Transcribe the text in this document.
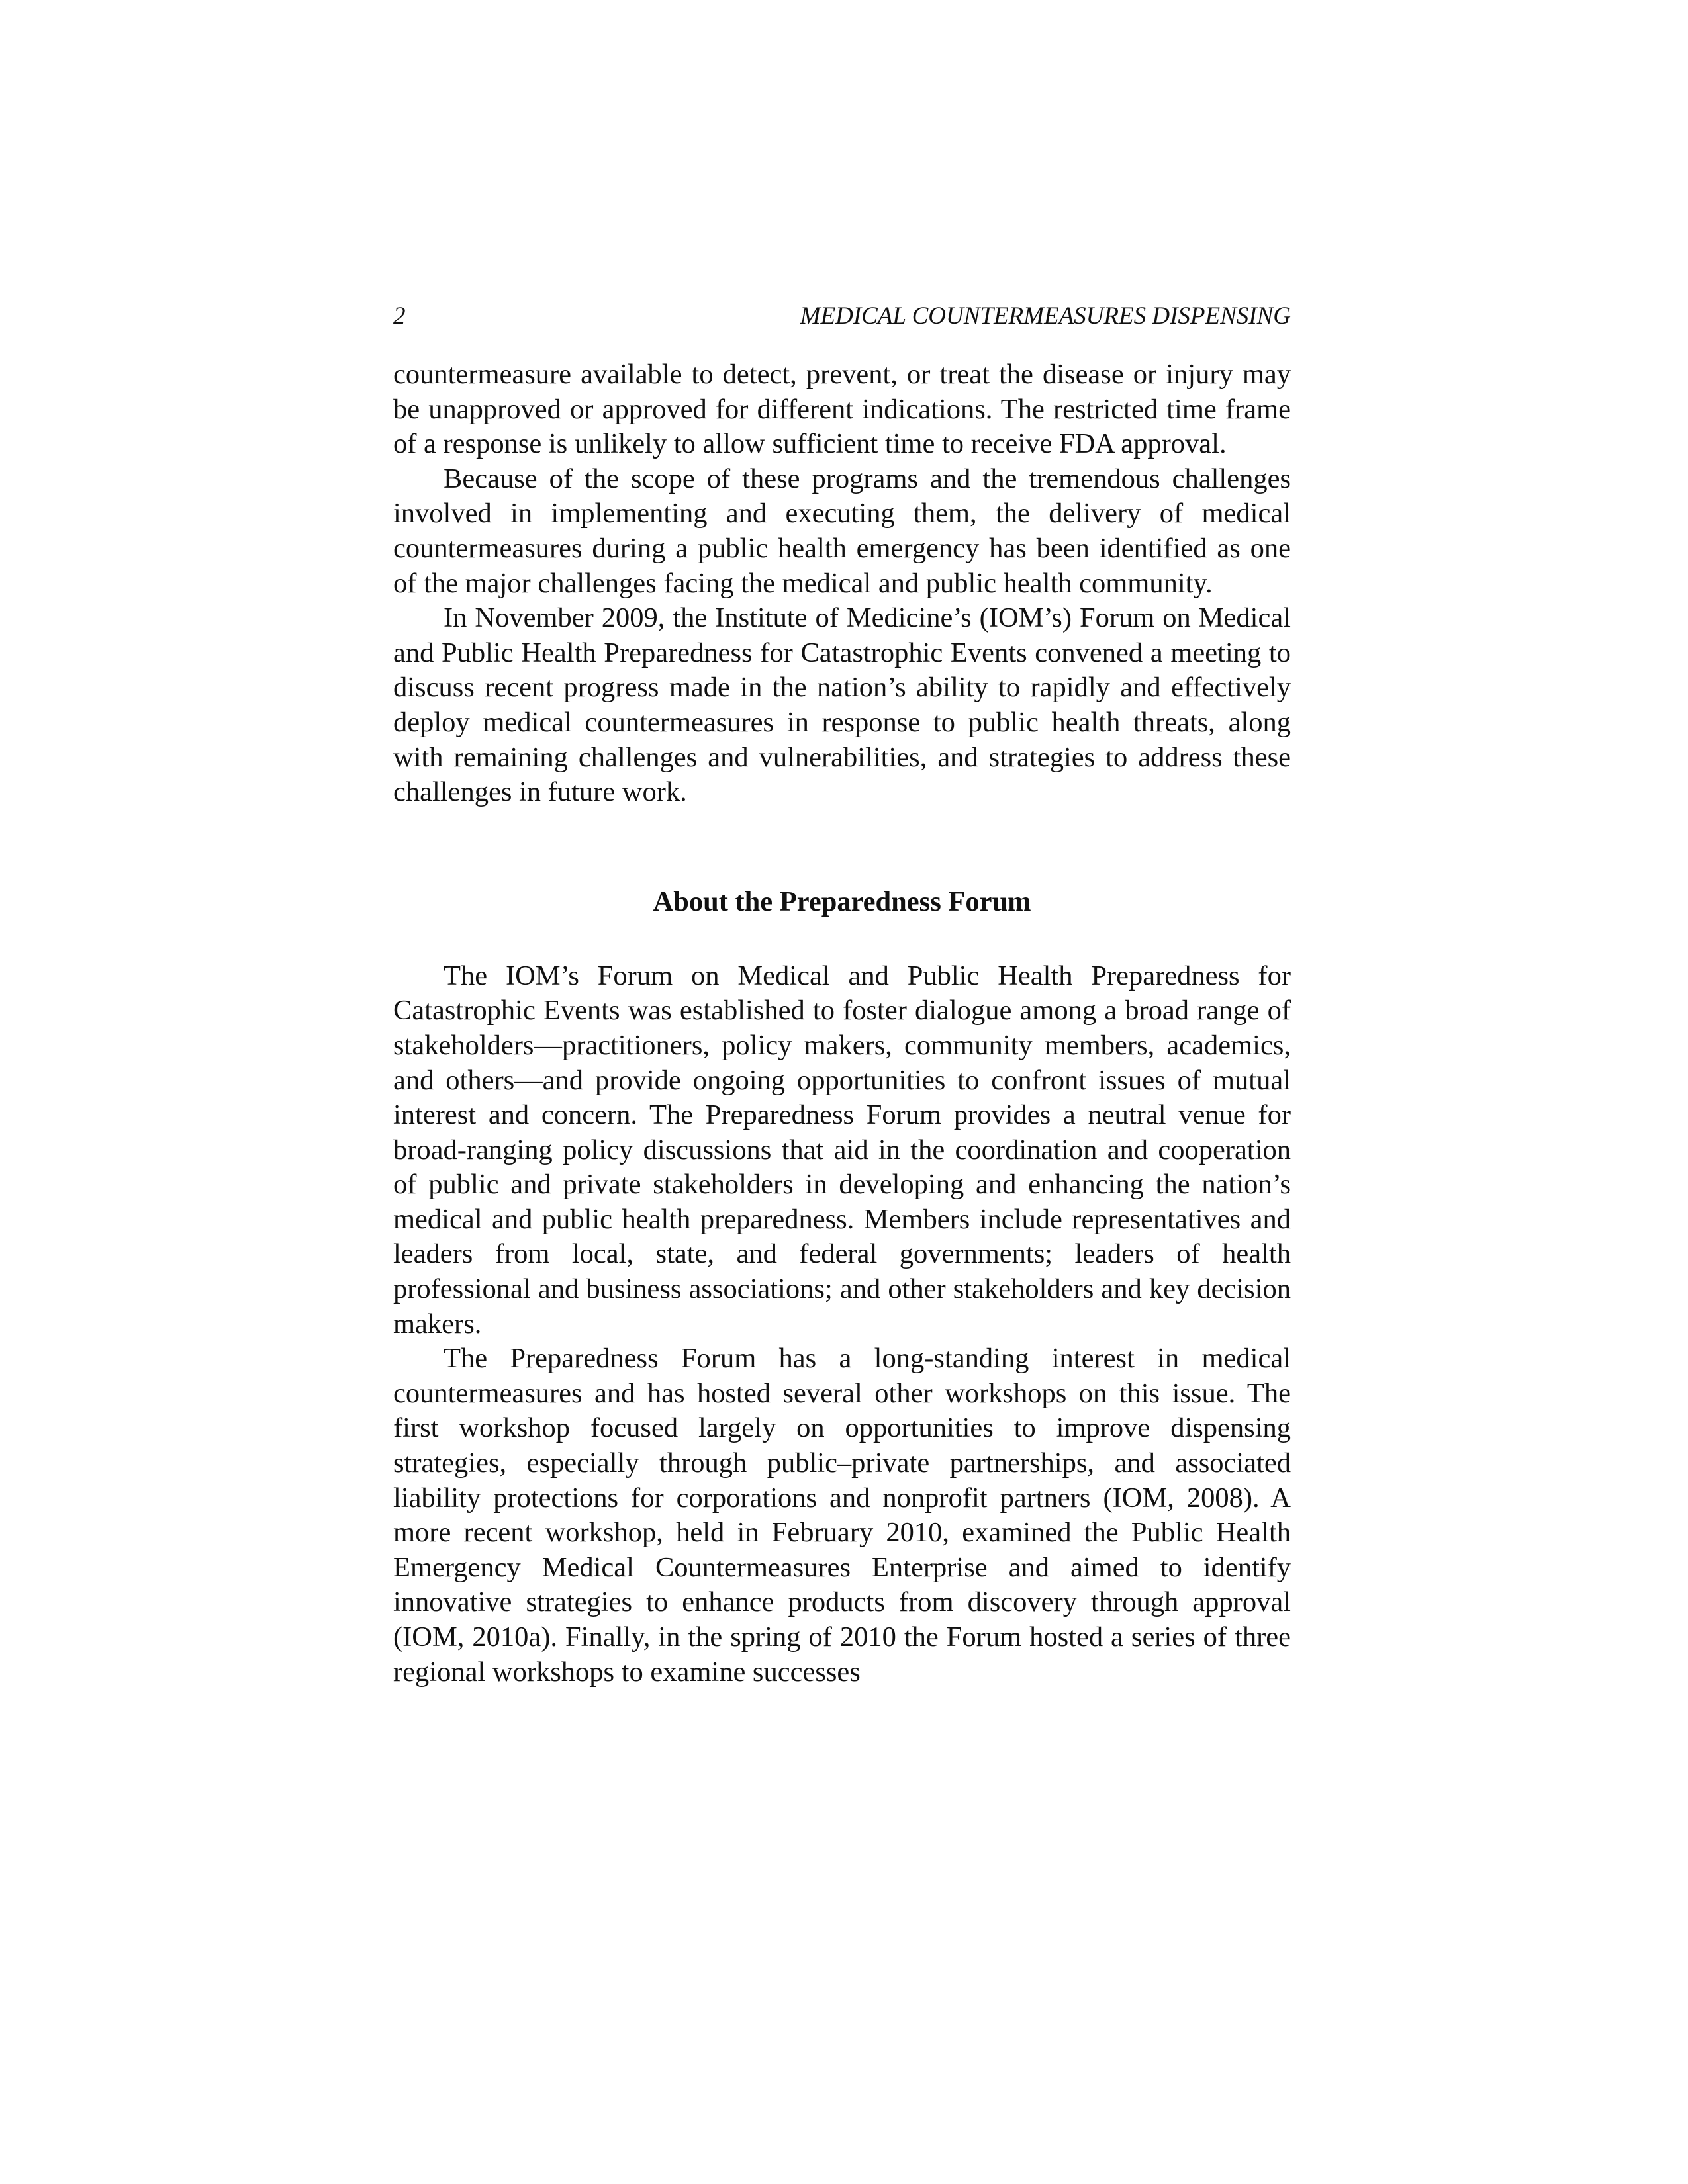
2	MEDICAL COUNTERMEASURES DISPENSING

countermeasure available to detect, prevent, or treat the disease or injury may be unapproved or approved for different indications. The restricted time frame of a response is unlikely to allow sufficient time to receive FDA approval.

Because of the scope of these programs and the tremendous challenges involved in implementing and executing them, the delivery of medical countermeasures during a public health emergency has been identified as one of the major challenges facing the medical and public health community.

In November 2009, the Institute of Medicine’s (IOM’s) Forum on Medical and Public Health Preparedness for Catastrophic Events convened a meeting to discuss recent progress made in the nation’s ability to rapidly and effectively deploy medical countermeasures in response to public health threats, along with remaining challenges and vulnerabilities, and strategies to address these challenges in future work.

About the Preparedness Forum

The IOM’s Forum on Medical and Public Health Preparedness for Catastrophic Events was established to foster dialogue among a broad range of stakeholders—practitioners, policy makers, community members, academics, and others—and provide ongoing opportunities to confront issues of mutual interest and concern. The Preparedness Forum provides a neutral venue for broad-ranging policy discussions that aid in the coordination and cooperation of public and private stakeholders in developing and enhancing the nation’s medical and public health preparedness. Members include representatives and leaders from local, state, and federal governments; leaders of health professional and business associations; and other stakeholders and key decision makers.

The Preparedness Forum has a long-standing interest in medical countermeasures and has hosted several other workshops on this issue. The first workshop focused largely on opportunities to improve dispensing strategies, especially through public–private partnerships, and associated liability protections for corporations and nonprofit partners (IOM, 2008). A more recent workshop, held in February 2010, examined the Public Health Emergency Medical Countermeasures Enterprise and aimed to identify innovative strategies to enhance products from discovery through approval (IOM, 2010a). Finally, in the spring of 2010 the Forum hosted a series of three regional workshops to examine successes
